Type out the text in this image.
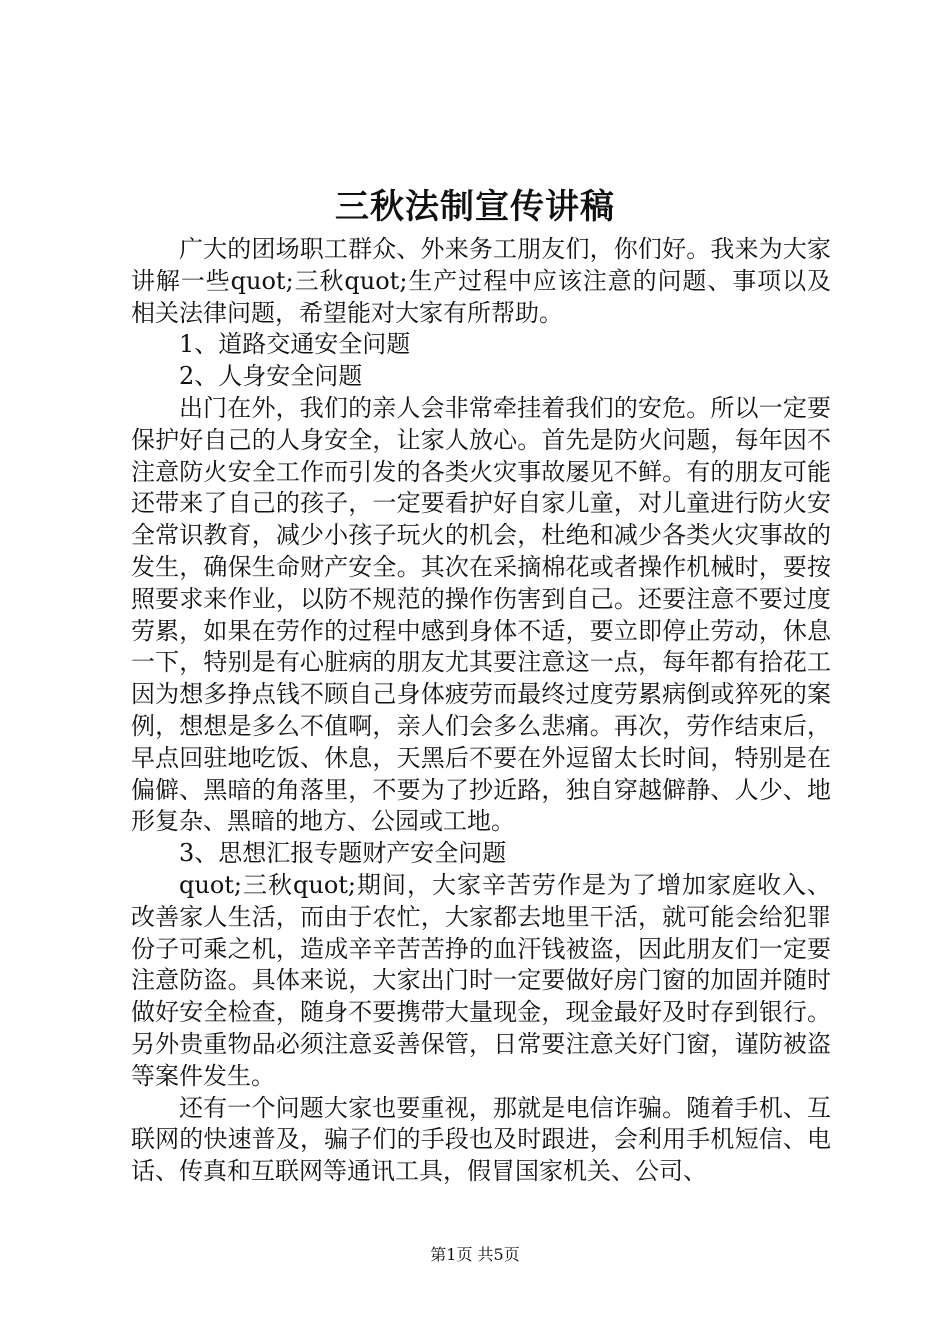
三秋法制宣传讲稿

广大的团场职工群众、外来务工朋友们，你们好。我来为大家讲解一些quot;三秋quot;生产过程中应该注意的问题、事项以及相关法律问题，希望能对大家有所帮助。

1、道路交通安全问题

2、人身安全问题

出门在外，我们的亲人会非常牵挂着我们的安危。所以一定要保护好自己的人身安全，让家人放心。首先是防火问题，每年因不注意防火安全工作而引发的各类火灾事故屡见不鲜。有的朋友可能还带来了自己的孩子，一定要看护好自家儿童，对儿童进行防火安全常识教育，减少小孩子玩火的机会，杜绝和减少各类火灾事故的发生，确保生命财产安全。其次在采摘棉花或者操作机械时，要按照要求来作业，以防不规范的操作伤害到自己。还要注意不要过度劳累，如果在劳作的过程中感到身体不适，要立即停止劳动，休息一下，特别是有心脏病的朋友尤其要注意这一点，每年都有拾花工因为想多挣点钱不顾自己身体疲劳而最终过度劳累病倒或猝死的案例，想想是多么不值啊，亲人们会多么悲痛。再次，劳作结束后，早点回驻地吃饭、休息，天黑后不要在外逗留太长时间，特别是在偏僻、黑暗的角落里，不要为了抄近路，独自穿越僻静、人少、地形复杂、黑暗的地方、公园或工地。

3、思想汇报专题财产安全问题

quot;三秋quot;期间，大家辛苦劳作是为了增加家庭收入、改善家人生活，而由于农忙，大家都去地里干活，就可能会给犯罪份子可乘之机，造成辛辛苦苦挣的血汗钱被盗，因此朋友们一定要注意防盗。具体来说，大家出门时一定要做好房门窗的加固并随时做好安全检查，随身不要携带大量现金，现金最好及时存到银行。另外贵重物品必须注意妥善保管，日常要注意关好门窗，谨防被盗等案件发生。

还有一个问题大家也要重视，那就是电信诈骗。随着手机、互联网的快速普及，骗子们的手段也及时跟进，会利用手机短信、电话、传真和互联网等通讯工具，假冒国家机关、公司、

第1页 共5页
